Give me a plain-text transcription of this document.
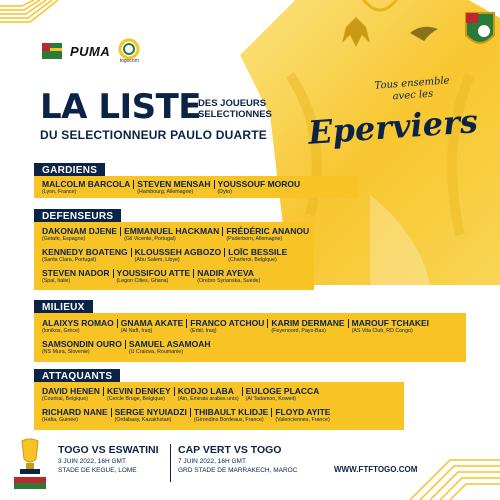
PUMA
togocom
LA LISTE
DES JOUEURS
SELECTIONNES
DU SELECTIONNEUR PAULO DUARTE
Tous ensemble
avec les
Eperviers
GARDIENS
MALCOLM BARCOLA
(Lyon, France)
STEVEN MENSAH
(Hambourg, Allemagne)
YOUSSOUF MOROU
(Dyto)
DEFENSEURS
DAKONAM DJENE
(Getafe, Espagne)
EMMANUEL HACKMAN
(Gil Vicente, Portugal)
FRÉDÉRIC ANANOU
(Paderborn, Allemagne)
KENNEDY BOATENG
(Santa Clara, Portugal)
KLOUSSEH AGBOZO
(Abu Salem, Libye)
LOÏC BESSILE
(Charleroi, Belgique)
STEVEN NADOR
(Spal, Italie)
YOUSSIFOU ATTE
(Legon Cities, Ghana)
NADIR AYEVA
(Orebro Syrianska, Suède)
MILIEUX
ALAIXYS ROMAO
(Ionikos, Grèce)
GNAMA AKATE
(Al Naft, Iraq)
FRANCO ATCHOU
(Erbil, Iraq)
KARIM DERMANE
(Feyenoord, Pays-Bas)
MAROUF TCHAKEI
(AS Vita Club, RD Congo)
SAMSONDIN OURO
(NS Mura, Slovenie)
SAMUEL ASAMOAH
(U Craiova, Roumanie)
ATTAQUANTS
DAVID HENEN
(Courtrai, Belgique)
KEVIN DENKEY
(Cercle Bruge, Belgique)
KODJO LABA
(Ain, Emirats arabes unis)
EULOGE PLACCA
(Al Tadamon, Koweit)
RICHARD NANE
(Hafia, Guinée)
SERGE NYUIADZI
(Ordabasy, Kazakhstan)
THIBAULT KLIDJE
(Girondins Bordeaux, France)
FLOYD AYITE
(Valenciennes, France)
TOGO VS ESWATINI
3 JUIN 2022, 16H GMT
STADE DE KEGUE, LOME
CAP VERT VS TOGO
7 JUIN 2022, 16H GMT
GRD STADE DE MARRAKECH, MAROC	WWW.FTFTOGO.COM
